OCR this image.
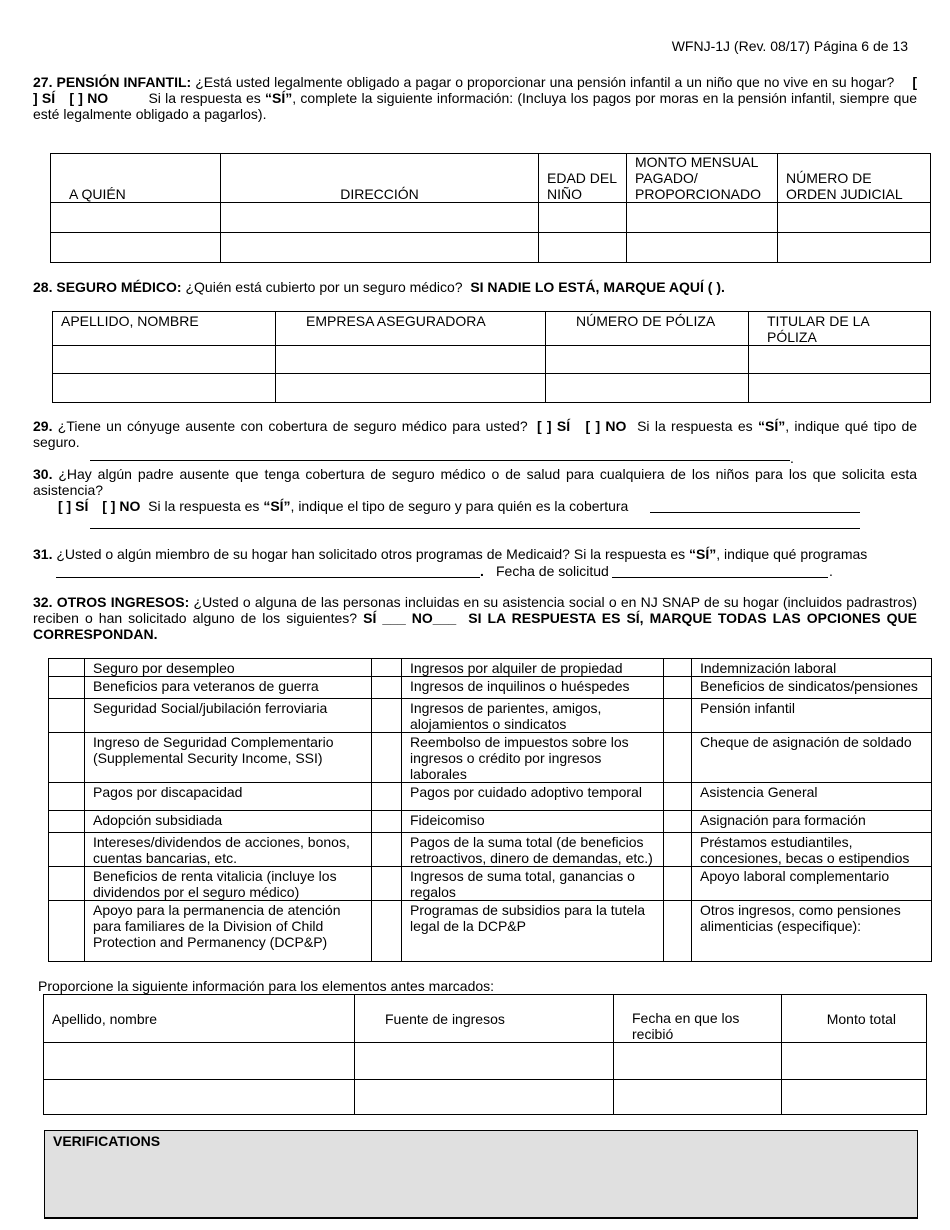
WFNJ-1J (Rev. 08/17) Página 6 de 13
27. PENSIÓN INFANTIL: ¿Está usted legalmente obligado a pagar o proporcionar una pensión infantil a un niño que no vive en su hogar? [ ] SÍ [ ] NO	Si la respuesta es “SÍ”, complete la siguiente información: (Incluya los pagos por moras en la pensión infantil, siempre que esté legalmente obligado a pagarlos).
A QUIÉN	DIRECCIÓN	EDAD DEL NIÑO	MONTO MENSUAL PAGADO/ PROPORCIONADO	NÚMERO DE ORDEN JUDICIAL

28. SEGURO MÉDICO: ¿Quién está cubierto por un seguro médico? SI NADIE LO ESTÁ, MARQUE AQUÍ ( ).
APELLIDO, NOMBRE	EMPRESA ASEGURADORA	NÚMERO DE PÓLIZA	TITULAR DE LA PÓLIZA

29. ¿Tiene un cónyuge ausente con cobertura de seguro médico para usted? [ ] SÍ [ ] NO Si la respuesta es “SÍ”, indique qué tipo de seguro.
.
30. ¿Hay algún padre ausente que tenga cobertura de seguro médico o de salud para cualquiera de los niños para los que solicita esta asistencia?
[ ] SÍ [ ] NO Si la respuesta es “SÍ”, indique el tipo de seguro y para quién es la cobertura
31. ¿Usted o algún miembro de su hogar han solicitado otros programas de Medicaid? Si la respuesta es “SÍ”, indique qué programas
. Fecha de solicitud	.
32. OTROS INGRESOS: ¿Usted o alguna de las personas incluidas en su asistencia social o en NJ SNAP de su hogar (incluidos padrastros) reciben o han solicitado alguno de los siguientes? SÍ ___ NO___ SI LA RESPUESTA ES SÍ, MARQUE TODAS LAS OPCIONES QUE CORRESPONDAN.
	Seguro por desempleo		Ingresos por alquiler de propiedad		Indemnización laboral
	Beneficios para veteranos de guerra		Ingresos de inquilinos o huéspedes		Beneficios de sindicatos/pensiones
	Seguridad Social/jubilación ferroviaria		Ingresos de parientes, amigos, alojamientos o sindicatos		Pensión infantil
	Ingreso de Seguridad Complementario (Supplemental Security Income, SSI)		Reembolso de impuestos sobre los ingresos o crédito por ingresos laborales		Cheque de asignación de soldado
	Pagos por discapacidad		Pagos por cuidado adoptivo temporal		Asistencia General
	Adopción subsidiada		Fideicomiso		Asignación para formación
	Intereses/dividendos de acciones, bonos, cuentas bancarias, etc.		Pagos de la suma total (de beneficios retroactivos, dinero de demandas, etc.)		Préstamos estudiantiles, concesiones, becas o estipendios
	Beneficios de renta vitalicia (incluye los dividendos por el seguro médico)		Ingresos de suma total, ganancias o regalos		Apoyo laboral complementario
	Apoyo para la permanencia de atención para familiares de la Division of Child Protection and Permanency (DCP&P)		Programas de subsidios para la tutela legal de la DCP&P		Otros ingresos, como pensiones alimenticias (especifique):
Proporcione la siguiente información para los elementos antes marcados:
Apellido, nombre	Fuente de ingresos	Fecha en que los recibió	Monto total

VERIFICATIONS
